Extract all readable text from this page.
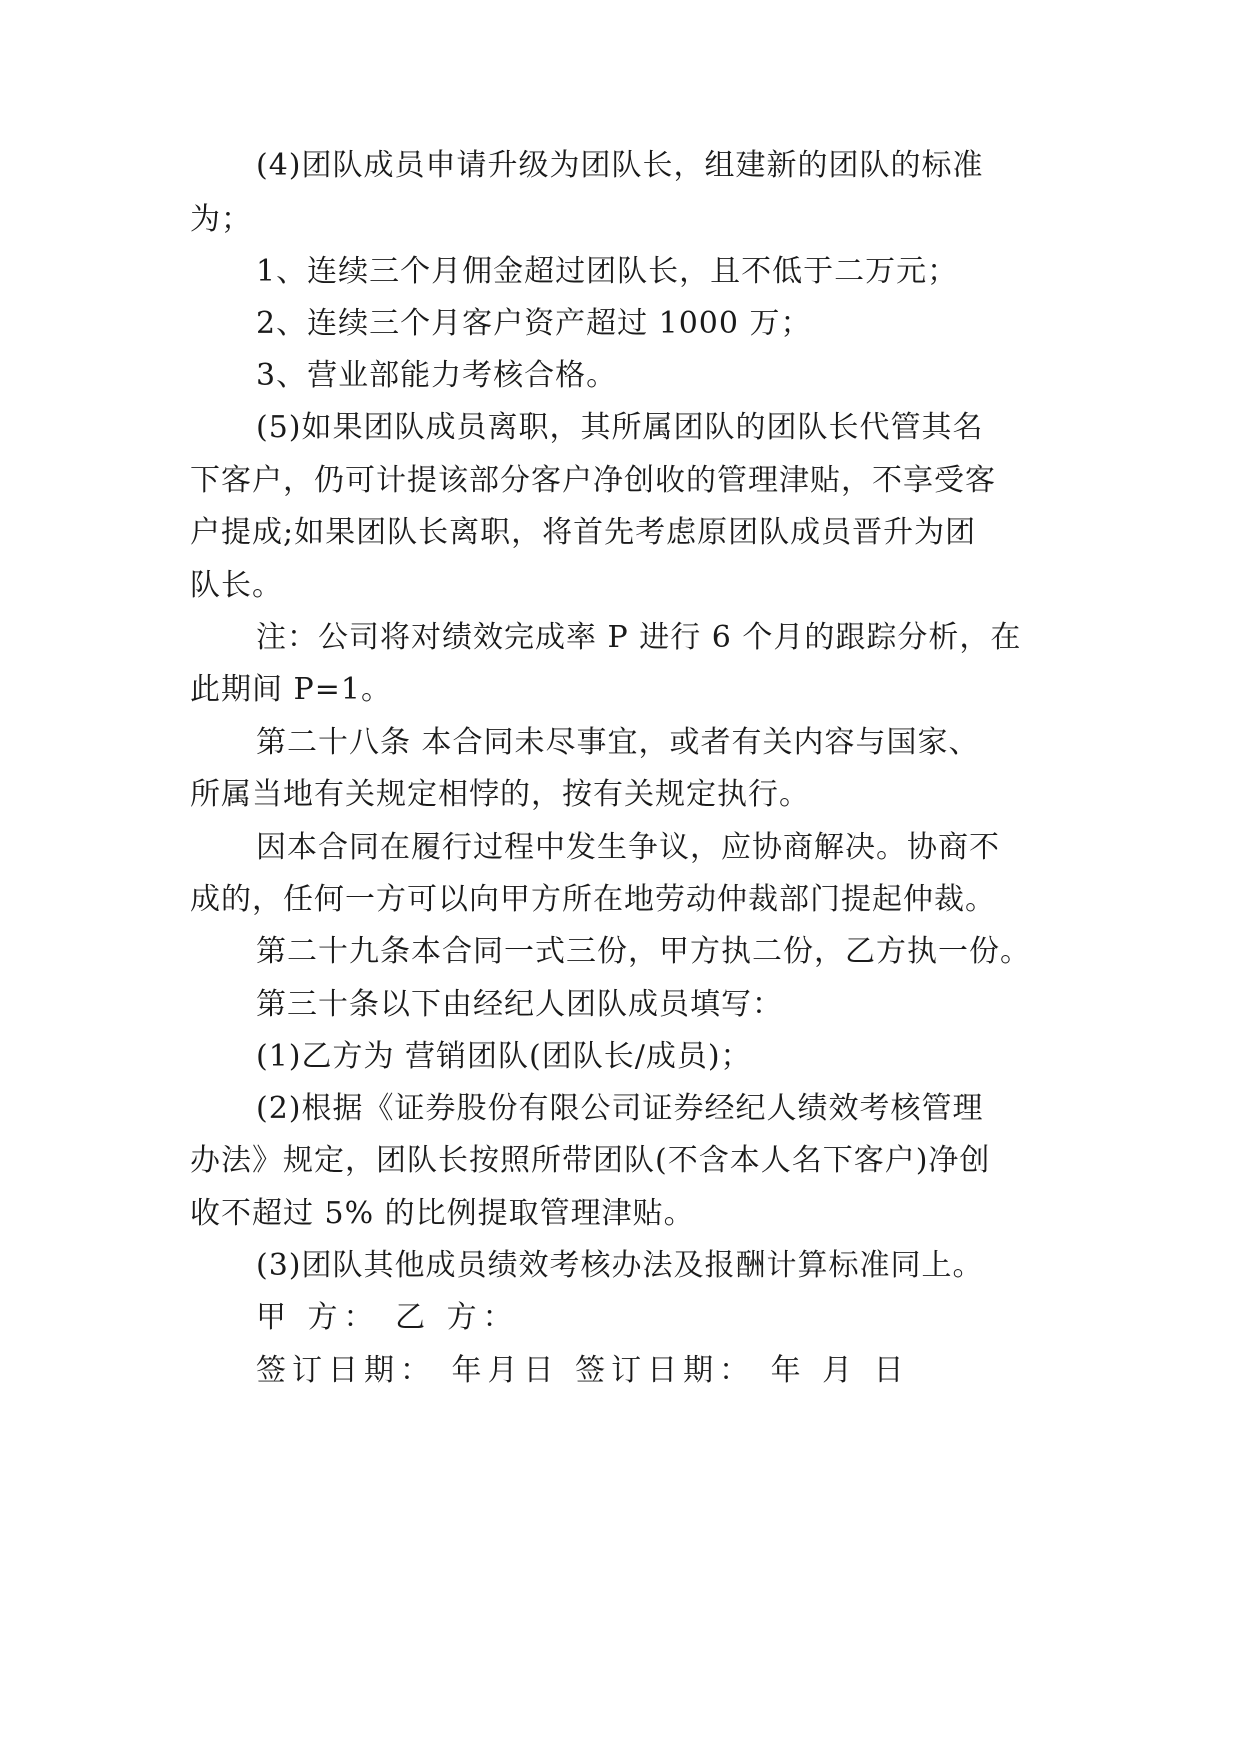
(4)团队成员申请升级为团队长，组建新的团队的标准
为；
1、连续三个月佣金超过团队长，且不低于二万元；
2、连续三个月客户资产超过 1000 万；
3、营业部能力考核合格。
(5)如果团队成员离职，其所属团队的团队长代管其名
下客户，仍可计提该部分客户净创收的管理津贴，不享受客
户提成;如果团队长离职，将首先考虑原团队成员晋升为团
队长。
注：公司将对绩效完成率 P 进行 6 个月的跟踪分析，在
此期间 P=1。
第二十八条 本合同未尽事宜，或者有关内容与国家、
所属当地有关规定相悖的，按有关规定执行。
因本合同在履行过程中发生争议，应协商解决。协商不
成的，任何一方可以向甲方所在地劳动仲裁部门提起仲裁。
第二十九条本合同一式三份，甲方执二份，乙方执一份。
第三十条以下由经纪人团队成员填写：
(1)乙方为 营销团队(团队长/成员)；
(2)根据《证券股份有限公司证券经纪人绩效考核管理
办法》规定，团队长按照所带团队(不含本人名下客户)净创
收不超过 5% 的比例提取管理津贴。
(3)团队其他成员绩效考核办法及报酬计算标准同上。
甲 方： 乙 方：
签订日期： 年月日 签订日期： 年 月 日
